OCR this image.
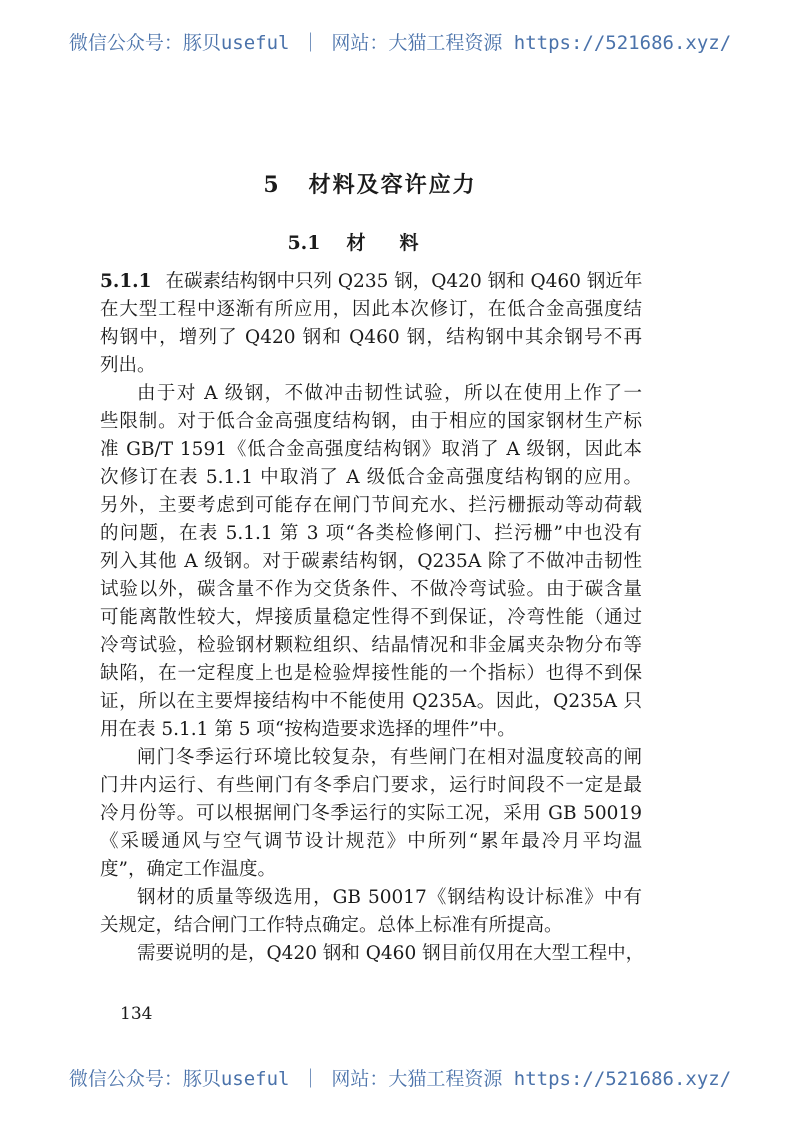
微信公众号：豚贝useful ｜ 网站：大猫工程资源 https://521686.xyz/
5 材料及容许应力
5.1 材料
5.1.1 在碳素结构钢中只列 Q235 钢，Q420 钢和 Q460 钢近年
在大型工程中逐渐有所应用，因此本次修订，在低合金高强度结
构钢中，增列了 Q420 钢和 Q460 钢，结构钢中其余钢号不再
列出。
由于对 A 级钢，不做冲击韧性试验，所以在使用上作了一
些限制。对于低合金高强度结构钢，由于相应的国家钢材生产标
准 GB/T 1591《低合金高强度结构钢》取消了 A 级钢，因此本
次修订在表 5.1.1 中取消了 A 级低合金高强度结构钢的应用。
另外，主要考虑到可能存在闸门节间充水、拦污栅振动等动荷载
的问题，在表 5.1.1 第 3 项“各类检修闸门、拦污栅”中也没有
列入其他 A 级钢。对于碳素结构钢，Q235A 除了不做冲击韧性
试验以外，碳含量不作为交货条件、不做冷弯试验。由于碳含量
可能离散性较大，焊接质量稳定性得不到保证，冷弯性能（通过
冷弯试验，检验钢材颗粒组织、结晶情况和非金属夹杂物分布等
缺陷，在一定程度上也是检验焊接性能的一个指标）也得不到保
证，所以在主要焊接结构中不能使用 Q235A。因此，Q235A 只
用在表 5.1.1 第 5 项“按构造要求选择的埋件”中。
闸门冬季运行环境比较复杂，有些闸门在相对温度较高的闸
门井内运行、有些闸门有冬季启门要求，运行时间段不一定是最
冷月份等。可以根据闸门冬季运行的实际工况，采用 GB 50019
《采暖通风与空气调节设计规范》中所列“累年最冷月平均温
度”，确定工作温度。
钢材的质量等级选用，GB 50017《钢结构设计标准》中有
关规定，结合闸门工作特点确定。总体上标准有所提高。
需要说明的是，Q420 钢和 Q460 钢目前仅用在大型工程中，
134
微信公众号：豚贝useful ｜ 网站：大猫工程资源 https://521686.xyz/
